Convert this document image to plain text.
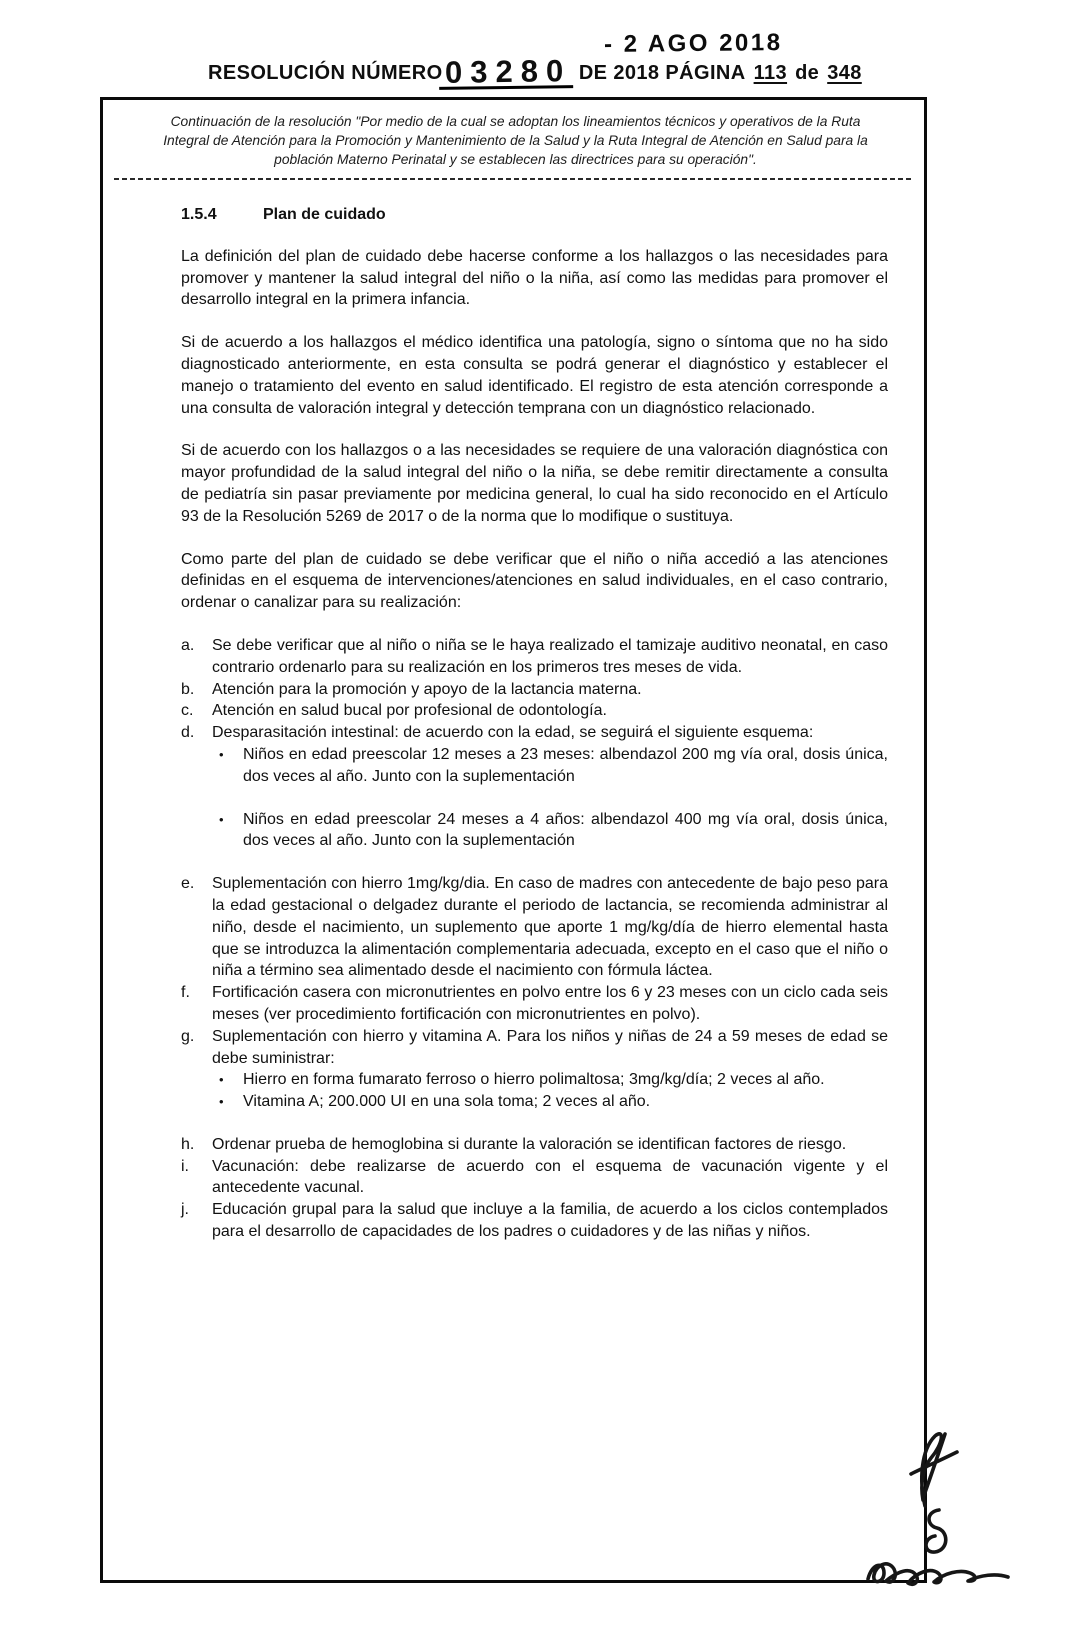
- 2 AGO 2018
RESOLUCIÓN NÚMERO 03280 DE 2018 PÁGINA 113 de 348

Continuación de la resolución "Por medio de la cual se adoptan los lineamientos técnicos y operativos de la Ruta Integral de Atención para la Promoción y Mantenimiento de la Salud y la Ruta Integral de Atención en Salud para la población Materno Perinatal y se establecen las directrices para su operación".

1.5.4	Plan de cuidado

La definición del plan de cuidado debe hacerse conforme a los hallazgos o las necesidades para promover y mantener la salud integral del niño o la niña, así como las medidas para promover el desarrollo integral en la primera infancia.

Si de acuerdo a los hallazgos el médico identifica una patología, signo o síntoma que no ha sido diagnosticado anteriormente, en esta consulta se podrá generar el diagnóstico y establecer el manejo o tratamiento del evento en salud identificado. El registro de esta atención corresponde a una consulta de valoración integral y detección temprana con un diagnóstico relacionado.

Si de acuerdo con los hallazgos o a las necesidades se requiere de una valoración diagnóstica con mayor profundidad de la salud integral del niño o la niña, se debe remitir directamente a consulta de pediatría sin pasar previamente por medicina general, lo cual ha sido reconocido en el Artículo 93 de la Resolución 5269 de 2017 o de la norma que lo modifique o sustituya.

Como parte del plan de cuidado se debe verificar que el niño o niña accedió a las atenciones definidas en el esquema de intervenciones/atenciones en salud individuales, en el caso contrario, ordenar o canalizar para su realización:

a.	Se debe verificar que al niño o niña se le haya realizado el tamizaje auditivo neonatal, en caso contrario ordenarlo para su realización en los primeros tres meses de vida.

b.	Atención para la promoción y apoyo de la lactancia materna.

c.	Atención en salud bucal por profesional de odontología.

d.	Desparasitación intestinal: de acuerdo con la edad, se seguirá el siguiente esquema:

•	Niños en edad preescolar 12 meses a 23 meses: albendazol 200 mg vía oral, dosis única, dos veces al año. Junto con la suplementación

•	Niños en edad preescolar 24 meses a 4 años: albendazol 400 mg vía oral, dosis única, dos veces al año. Junto con la suplementación

e.	Suplementación con hierro 1mg/kg/dia. En caso de madres con antecedente de bajo peso para la edad gestacional o delgadez durante el periodo de lactancia, se recomienda administrar al niño, desde el nacimiento, un suplemento que aporte 1 mg/kg/día de hierro elemental hasta que se introduzca la alimentación complementaria adecuada, excepto en el caso que el niño o niña a término sea alimentado desde el nacimiento con fórmula láctea.

f.	Fortificación casera con micronutrientes en polvo entre los 6 y 23 meses con un ciclo cada seis meses (ver procedimiento fortificación con micronutrientes en polvo).

g.	Suplementación con hierro y vitamina A. Para los niños y niñas de 24 a 59 meses de edad se debe suministrar:

•	Hierro en forma fumarato ferroso o hierro polimaltosa; 3mg/kg/día; 2 veces al año.

•	Vitamina A; 200.000 UI en una sola toma; 2 veces al año.

h.	Ordenar prueba de hemoglobina si durante la valoración se identifican factores de riesgo.

i.	Vacunación: debe realizarse de acuerdo con el esquema de vacunación vigente y el antecedente vacunal.

j.	Educación grupal para la salud que incluye a la familia, de acuerdo a los ciclos contemplados para el desarrollo de capacidades de los padres o cuidadores y de las niñas y niños.
